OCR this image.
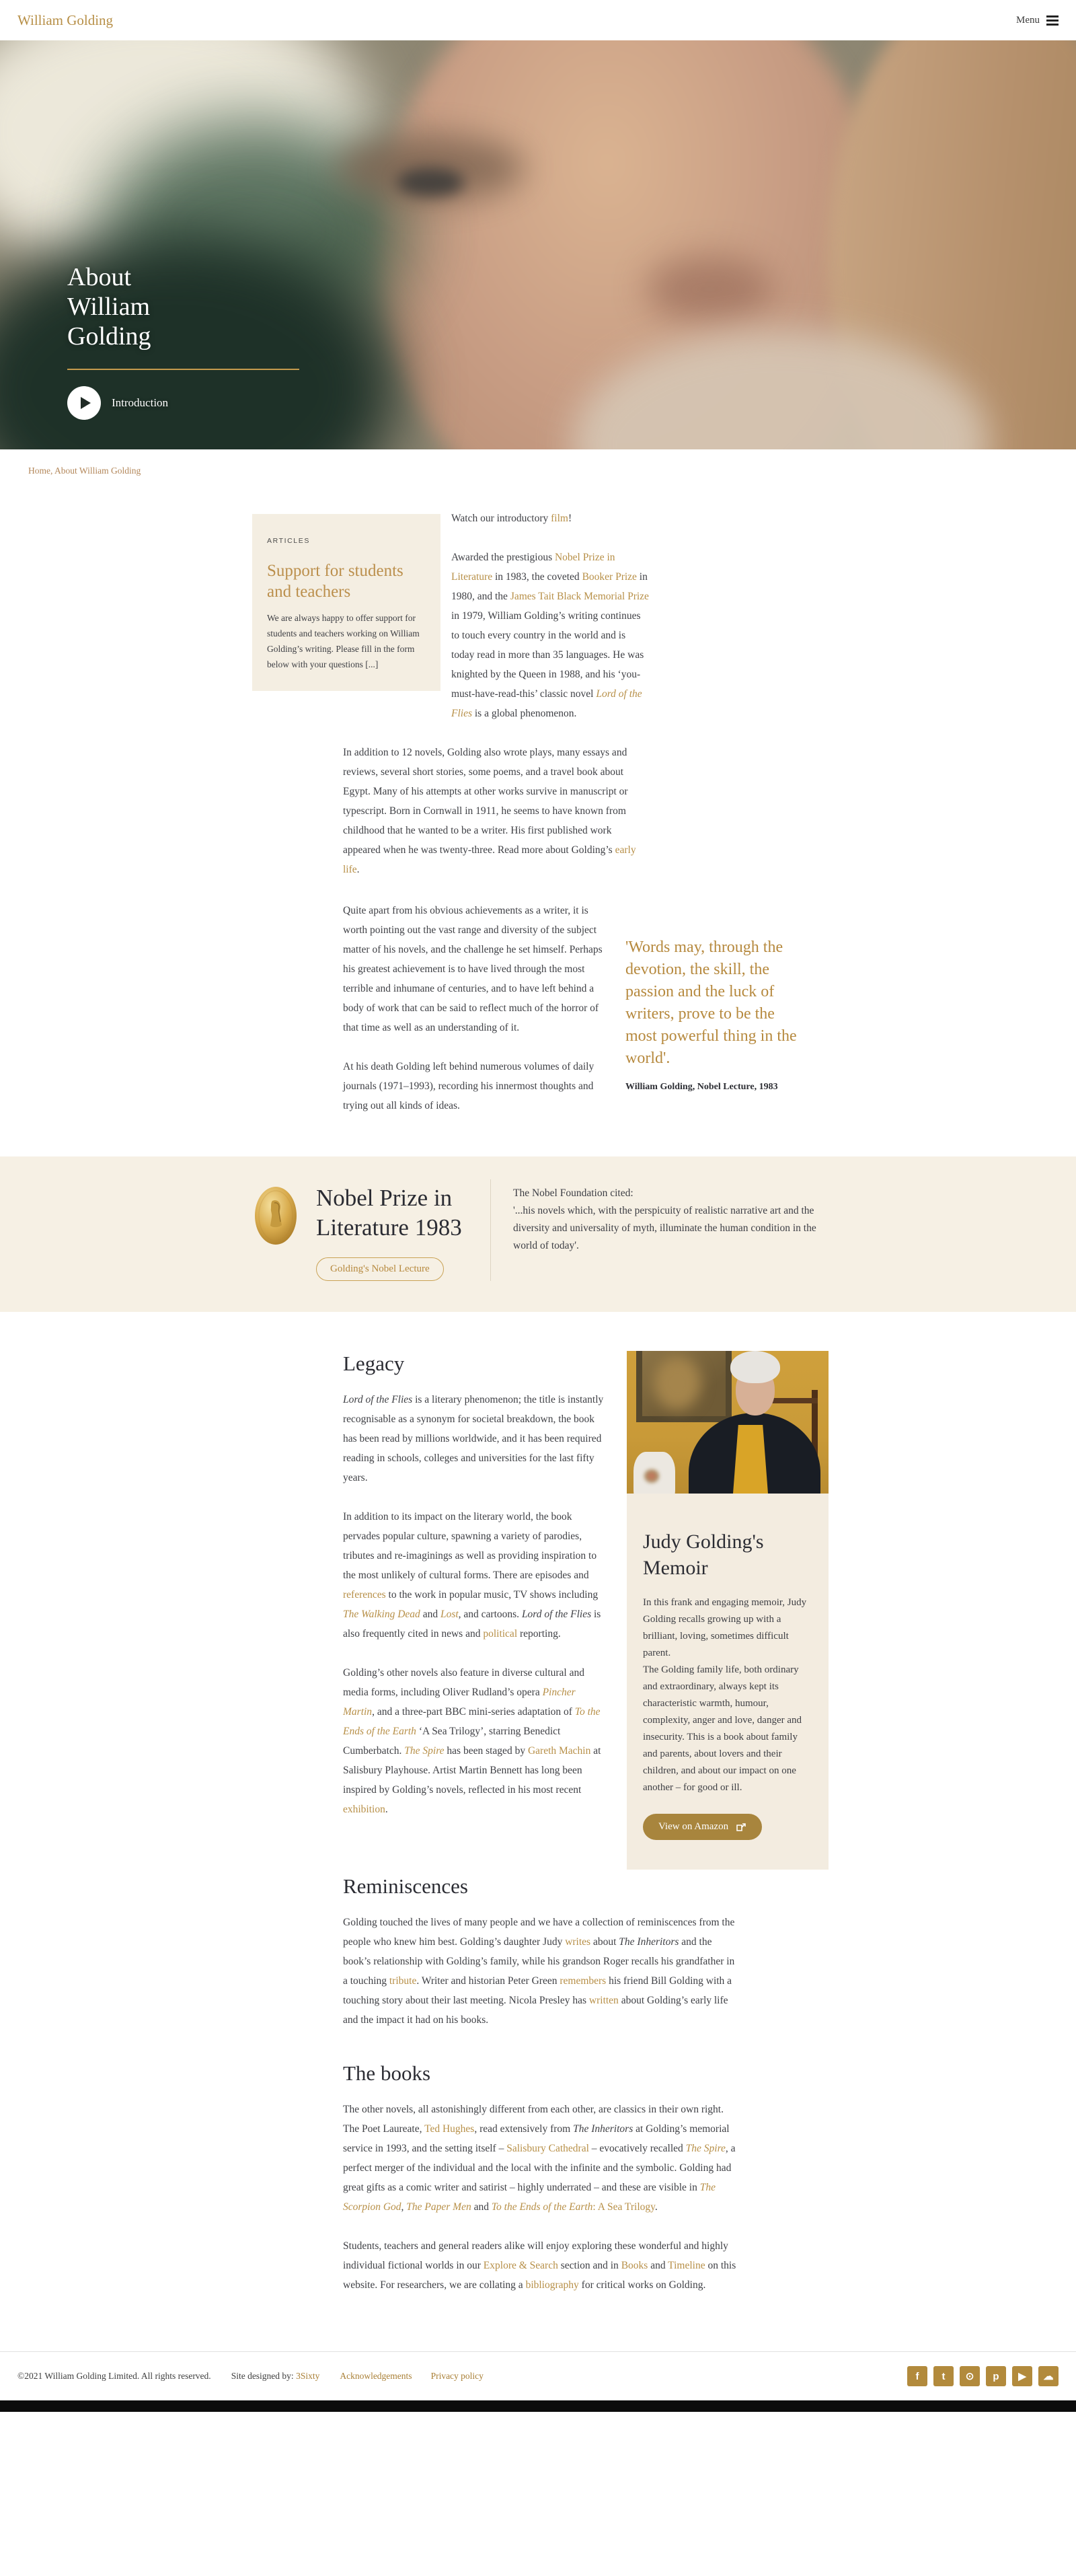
William Golding	Menu
About
William
Golding
Introduction
Home, About William Golding
ARTICLES
Support for students and teachers

We are always happy to offer support for students and teachers working on William Golding’s writing. Please fill in the form below with your questions [...]

Watch our introductory film!

Awarded the prestigious Nobel Prize in Literature in 1983, the coveted Booker Prize in 1980, and the James Tait Black Memorial Prize in 1979, William Golding’s writing continues to touch every country in the world and is today read in more than 35 languages. He was knighted by the Queen in 1988, and his ‘you-must-have-read-this’ classic novel Lord of the Flies is a global phenomenon.

In addition to 12 novels, Golding also wrote plays, many essays and reviews, several short stories, some poems, and a travel book about Egypt. Many of his attempts at other works survive in manuscript or typescript. Born in Cornwall in 1911, he seems to have known from childhood that he wanted to be a writer. His first published work appeared when he was twenty-three. Read more about Golding’s early life.

'Words may, through the devotion, the skill, the passion and the luck of writers, prove to be the most powerful thing in the world'.
William Golding, Nobel Lecture, 1983

Quite apart from his obvious achievements as a writer, it is worth pointing out the vast range and diversity of the subject matter of his novels, and the challenge he set himself. Perhaps his greatest achievement is to have lived through the most terrible and inhumane of centuries, and to have left behind a body of work that can be said to reflect much of the horror of that time as well as an understanding of it.

At his death Golding left behind numerous volumes of daily journals (1971–1993), recording his innermost thoughts and trying out all kinds of ideas.

Nobel Prize in
Literature 1983
Golding's Nobel Lecture
The Nobel Foundation cited:
'...his novels which, with the perspicuity of realistic narrative art and the diversity and universality of myth, illuminate the human condition in the world of today'.
Judy Golding's Memoir

In this frank and engaging memoir, Judy Golding recalls growing up with a brilliant, loving, sometimes difficult parent.

The Golding family life, both ordinary and extraordinary, always kept its characteristic warmth, humour, complexity, anger and love, danger and insecurity. This is a book about family and parents, about lovers and their children, and about our impact on one another – for good or ill.

View on Amazon
Legacy

Lord of the Flies is a literary phenomenon; the title is instantly recognisable as a synonym for societal breakdown, the book has been read by millions worldwide, and it has been required reading in schools, colleges and universities for the last fifty years.

In addition to its impact on the literary world, the book pervades popular culture, spawning a variety of parodies, tributes and re-imaginings as well as providing inspiration to the most unlikely of cultural forms. There are episodes and references to the work in popular music, TV shows including The Walking Dead and Lost, and cartoons. Lord of the Flies is also frequently cited in news and political reporting.

Golding’s other novels also feature in diverse cultural and media forms, including Oliver Rudland’s opera Pincher Martin, and a three-part BBC mini-series adaptation of To the Ends of the Earth ‘A Sea Trilogy’, starring Benedict Cumberbatch. The Spire has been staged by Gareth Machin at Salisbury Playhouse. Artist Martin Bennett has long been inspired by Golding’s novels, reflected in his most recent exhibition.

Reminiscences

Golding touched the lives of many people and we have a collection of reminiscences from the people who knew him best. Golding’s daughter Judy writes about The Inheritors and the book’s relationship with Golding’s family, while his grandson Roger recalls his grandfather in a touching tribute. Writer and historian Peter Green remembers his friend Bill Golding with a touching story about their last meeting. Nicola Presley has written about Golding’s early life and the impact it had on his books.

The books

The other novels, all astonishingly different from each other, are classics in their own right. The Poet Laureate, Ted Hughes, read extensively from The Inheritors at Golding’s memorial service in 1993, and the setting itself – Salisbury Cathedral – evocatively recalled The Spire, a perfect merger of the individual and the local with the infinite and the symbolic. Golding had great gifts as a comic writer and satirist – highly underrated – and these are visible in The Scorpion God, The Paper Men and To the Ends of the Earth: A Sea Trilogy.

Students, teachers and general readers alike will enjoy exploring these wonderful and highly individual fictional worlds in our Explore & Search section and in Books and Timeline on this website. For researchers, we are collating a bibliography for critical works on Golding.

©2021 William Golding Limited. All rights reserved. Site designed by: 3Sixty Acknowledgements Privacy policy	f	t	⊙	p	▶	☁
